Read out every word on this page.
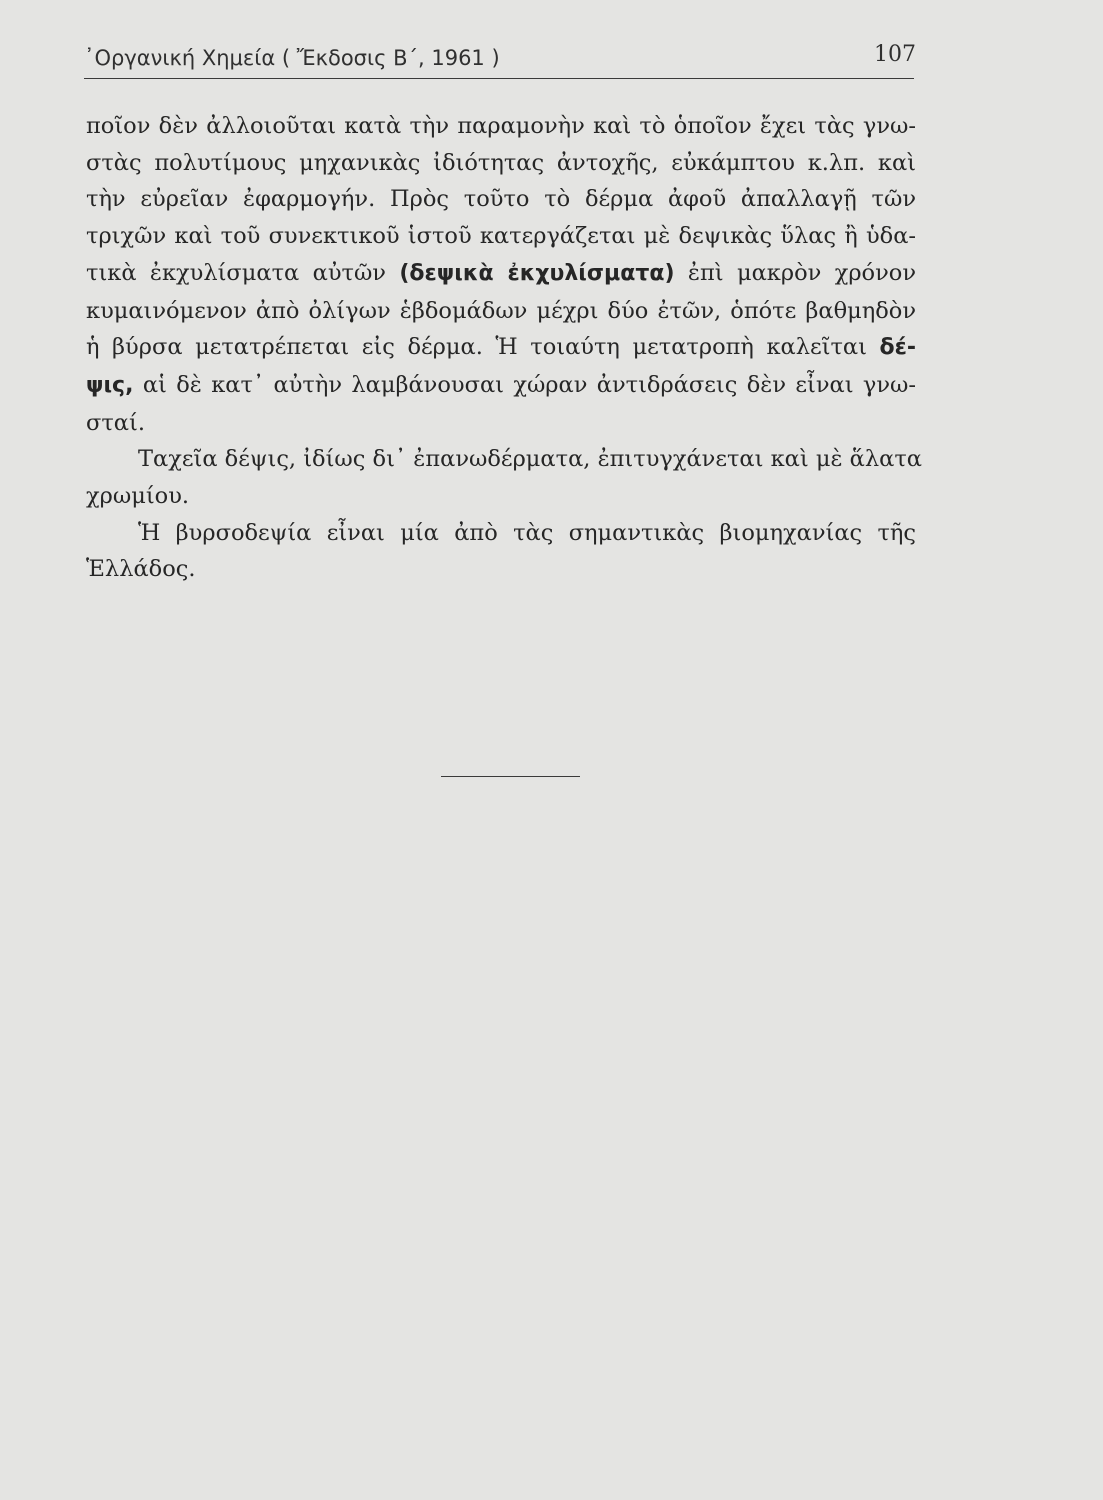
᾽Οργανική Χημεία ( Ἔκδοσις Β΄, 1961 )	107
ποῖον δὲν ἀλλοιοῦται κατὰ τὴν παραμονὴν καὶ τὸ ὁποῖον ἔχει τὰς γνω-
στὰς πολυτίμους μηχανικὰς ἰδιότητας ἀντοχῆς, εὐκάμπτου κ.λπ. καὶ
τὴν εὐρεῖαν ἐφαρμογήν. Πρὸς τοῦτο τὸ δέρμα ἀφοῦ ἀπαλλαγῇ τῶν
τριχῶν καὶ τοῦ συνεκτικοῦ ἱστοῦ κατεργάζεται μὲ δεψικὰς ὕλας ἢ ὑδα-
τικὰ ἐκχυλίσματα αὐτῶν (δεψικὰ ἐκχυλίσματα) ἐπὶ μακρὸν χρόνον
κυμαινόμενον ἀπὸ ὀλίγων ἑβδομάδων μέχρι δύο ἐτῶν, ὁπότε βαθμηδὸν
ἡ βύρσα μετατρέπεται εἰς δέρμα. Ἡ τοιαύτη μετατροπὴ καλεῖται δέ-
ψις, αἱ δὲ κατ᾽ αὐτὴν λαμβάνουσαι χώραν ἀντιδράσεις δὲν εἶναι γνω-
σταί.
Ταχεῖα δέψις, ἰδίως δι᾽ ἐπανωδέρματα, ἐπιτυγχάνεται καὶ μὲ ἅλατα
χρωμίου.
Ἡ βυρσοδεψία εἶναι μία ἀπὸ τὰς σημαντικὰς βιομηχανίας τῆς
Ἑλλάδος.
